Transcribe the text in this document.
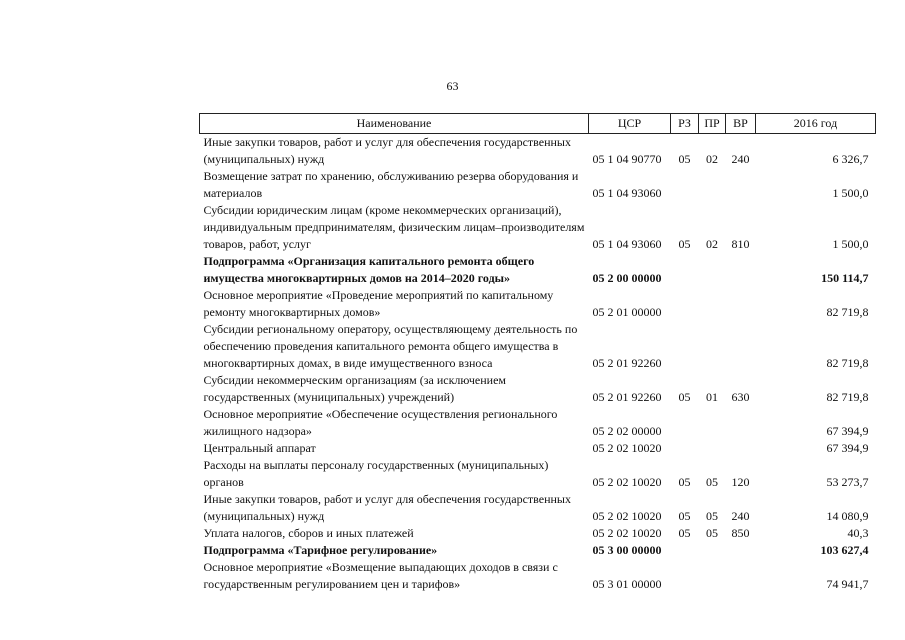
63
Наименование	ЦСР	РЗ	ПР	ВР	2016 год
Иные закупки товаров, работ и услуг для обеспечения государственных (муниципальных) нужд	05 1 04 90770	05	02	240	6 326,7
Возмещение затрат по хранению, обслуживанию резерва оборудования и материалов	05 1 04 93060				1 500,0
Субсидии юридическим лицам (кроме некоммерческих организаций), индивидуальным предпринимателям, физическим лицам–производителям товаров, работ, услуг	05 1 04 93060	05	02	810	1 500,0
Подпрограмма «Организация капитального ремонта общего имущества многоквартирных домов на 2014–2020 годы»	05 2 00 00000				150 114,7
Основное мероприятие «Проведение мероприятий по капитальному ремонту многоквартирных домов»	05 2 01 00000				82 719,8
Субсидии региональному оператору, осуществляющему деятельность по обеспечению проведения капитального ремонта общего имущества в многоквартирных домах, в виде имущественного взноса	05 2 01 92260				82 719,8
Субсидии некоммерческим организациям (за исключением государственных (муниципальных) учреждений)	05 2 01 92260	05	01	630	82 719,8
Основное мероприятие «Обеспечение осуществления регионального жилищного надзора»	05 2 02 00000				67 394,9
Центральный аппарат	05 2 02 10020				67 394,9
Расходы на выплаты персоналу государственных (муниципальных) органов	05 2 02 10020	05	05	120	53 273,7
Иные закупки товаров, работ и услуг для обеспечения государственных (муниципальных) нужд	05 2 02 10020	05	05	240	14 080,9
Уплата налогов, сборов и иных платежей	05 2 02 10020	05	05	850	40,3
Подпрограмма «Тарифное регулирование»	05 3 00 00000				103 627,4
Основное мероприятие «Возмещение выпадающих доходов в связи с государственным регулированием цен и тарифов»	05 3 01 00000				74 941,7
